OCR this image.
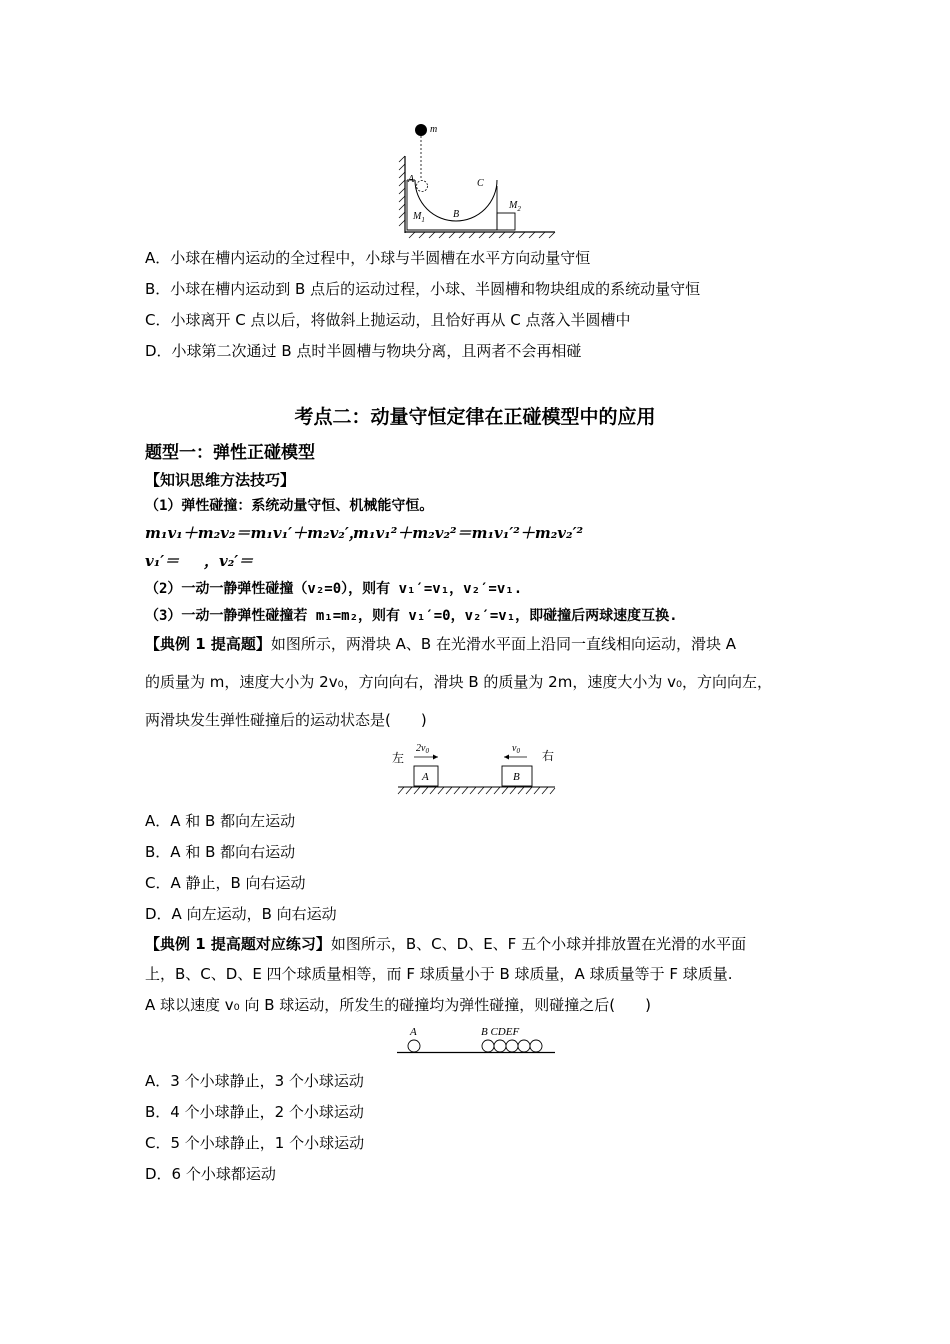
m
A	C
B
$M_1$
$M_2$
A．小球在槽内运动的全过程中，小球与半圆槽在水平方向动量守恒
B．小球在槽内运动到 B 点后的运动过程，小球、半圆槽和物块组成的系统动量守恒
C．小球离开 C 点以后，将做斜上抛运动，且恰好再从 C 点落入半圆槽中
D．小球第二次通过 B 点时半圆槽与物块分离，且两者不会再相碰
考点二：动量守恒定律在正碰模型中的应用
题型一：弹性正碰模型
【知识思维方法技巧】
（1）弹性碰撞：系统动量守恒、机械能守恒。
m₁v₁＋m₂v₂＝m₁v₁′＋m₂v₂′，
m₁v₁²＋m₂v₂²＝m₁v₁′²＋m₂v₂′²
v₁′＝ ，v₂′＝
（2）一动一静弹性碰撞（v₂=0），则有 v₁′=v₁，v₂′=v₁.
（3）一动一静弹性碰撞若 m₁=m₂，则有 v₁′=0，v₂′=v₁，即碰撞后两球速度互换.
【典例 1 提高题】如图所示，两滑块 A、B 在光滑水平面上沿同一直线相向运动，滑块 A
的质量为 m，速度大小为 2v₀，方向向右，滑块 B 的质量为 2m，速度大小为 v₀，方向向左，
两滑块发生弹性碰撞后的运动状态是(　　)
左	右
$2v_0$	$v_0$
A	B
A．A 和 B 都向左运动
B．A 和 B 都向右运动
C．A 静止，B 向右运动
D．A 向左运动，B 向右运动
【典例 1 提高题对应练习】如图所示，B、C、D、E、F 五个小球并排放置在光滑的水平面
上，B、C、D、E 四个球质量相等，而 F 球质量小于 B 球质量，A 球质量等于 F 球质量.
A 球以速度 v₀ 向 B 球运动，所发生的碰撞均为弹性碰撞，则碰撞之后(　　)
A	B CDEF
A．3 个小球静止，3 个小球运动
B．4 个小球静止，2 个小球运动
C．5 个小球静止，1 个小球运动
D．6 个小球都运动
